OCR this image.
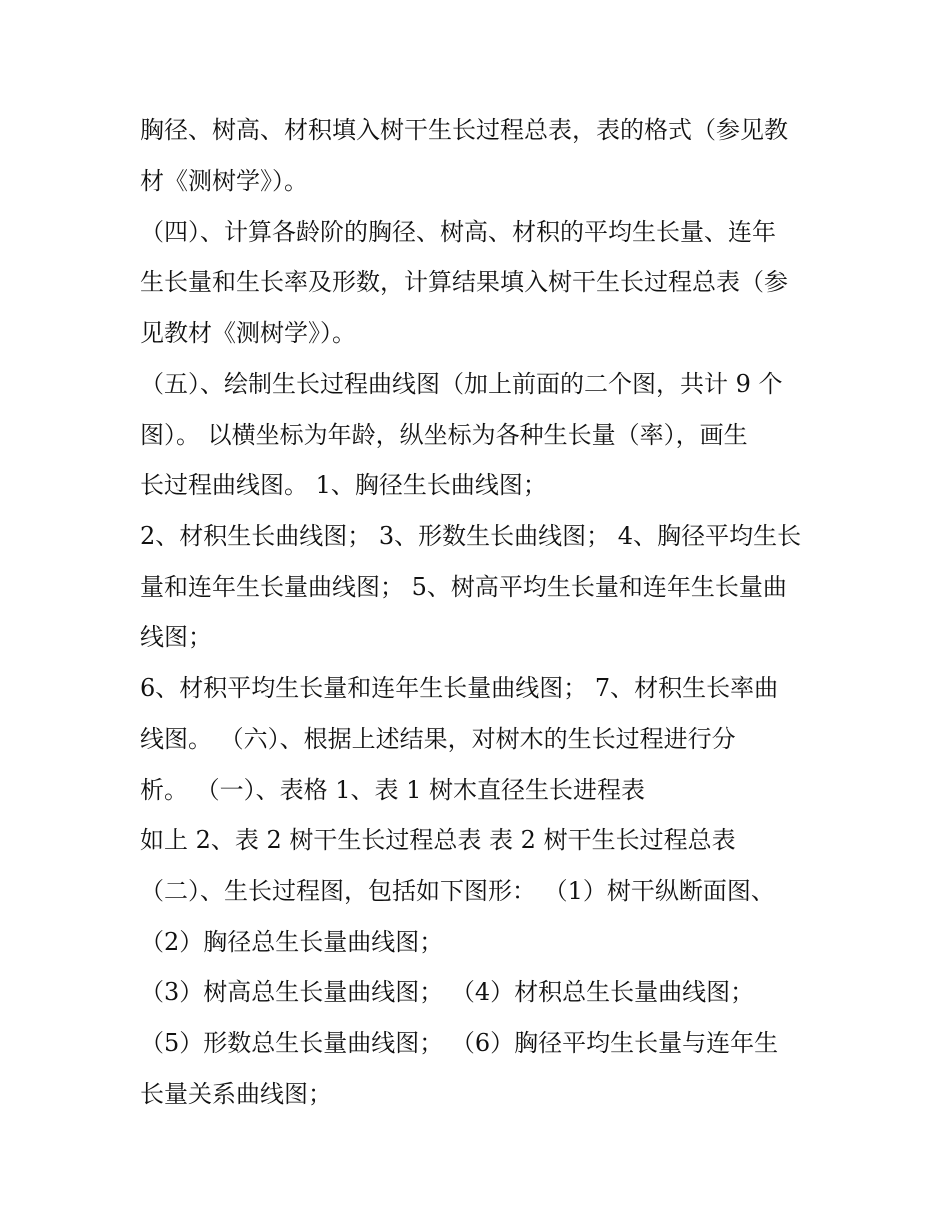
胸径、树高、材积填入树干生长过程总表，表的格式（参见教
材《测树学》）。
（四）、计算各龄阶的胸径、树高、材积的平均生长量、连年
生长量和生长率及形数，计算结果填入树干生长过程总表（参
见教材《测树学》）。
（五）、绘制生长过程曲线图（加上前面的二个图，共计 9 个
图）。 以横坐标为年龄，纵坐标为各种生长量（率），画生
长过程曲线图。 1、胸径生长曲线图；
2、材积生长曲线图； 3、形数生长曲线图； 4、胸径平均生长
量和连年生长量曲线图； 5、树高平均生长量和连年生长量曲
线图；
6、材积平均生长量和连年生长量曲线图； 7、材积生长率曲
线图。 （六）、根据上述结果，对树木的生长过程进行分
析。 （一）、表格 1、表 1 树木直径生长进程表
如上 2、表 2 树干生长过程总表 表 2 树干生长过程总表
（二）、生长过程图，包括如下图形： （1）树干纵断面图、
（2）胸径总生长量曲线图；
（3）树高总生长量曲线图； （4）材积总生长量曲线图；
（5）形数总生长量曲线图； （6）胸径平均生长量与连年生
长量关系曲线图；
